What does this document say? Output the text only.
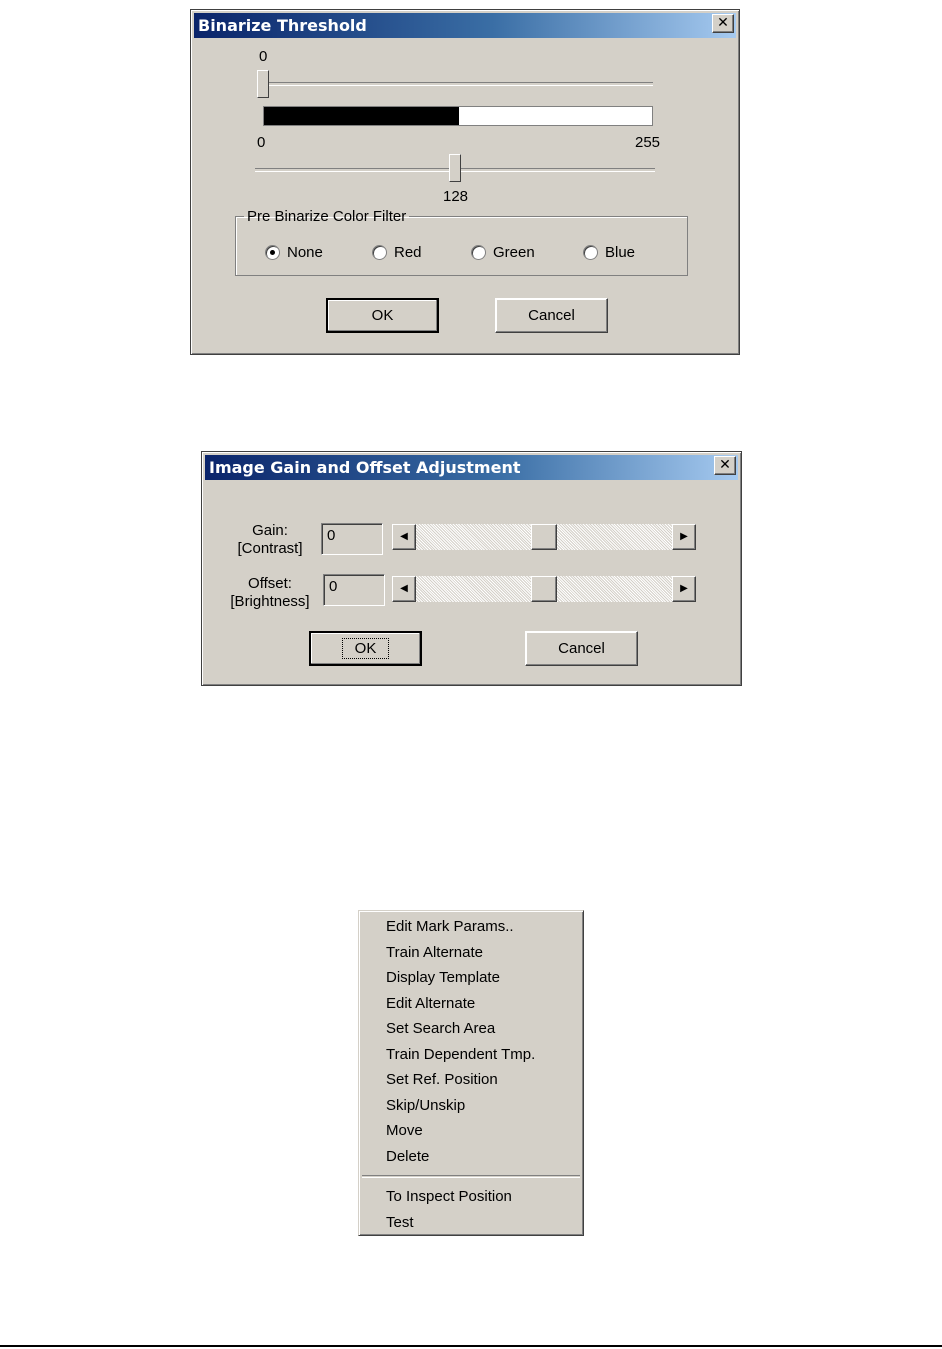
Binarize Threshold	✕
0
0	255
128
Pre Binarize Color Filter
None	Red	Green	Blue
OK	Cancel
Image Gain and Offset Adjustment	✕
Gain:
[Contrast]
0	◀	▶
Offset:
[Brightness]
0	◀	▶
OK	Cancel
Edit Mark Params..
Train Alternate
Display Template
Edit Alternate
Set Search Area
Train Dependent Tmp.
Set Ref. Position
Skip/Unskip
Move
Delete
To Inspect Position
Test
